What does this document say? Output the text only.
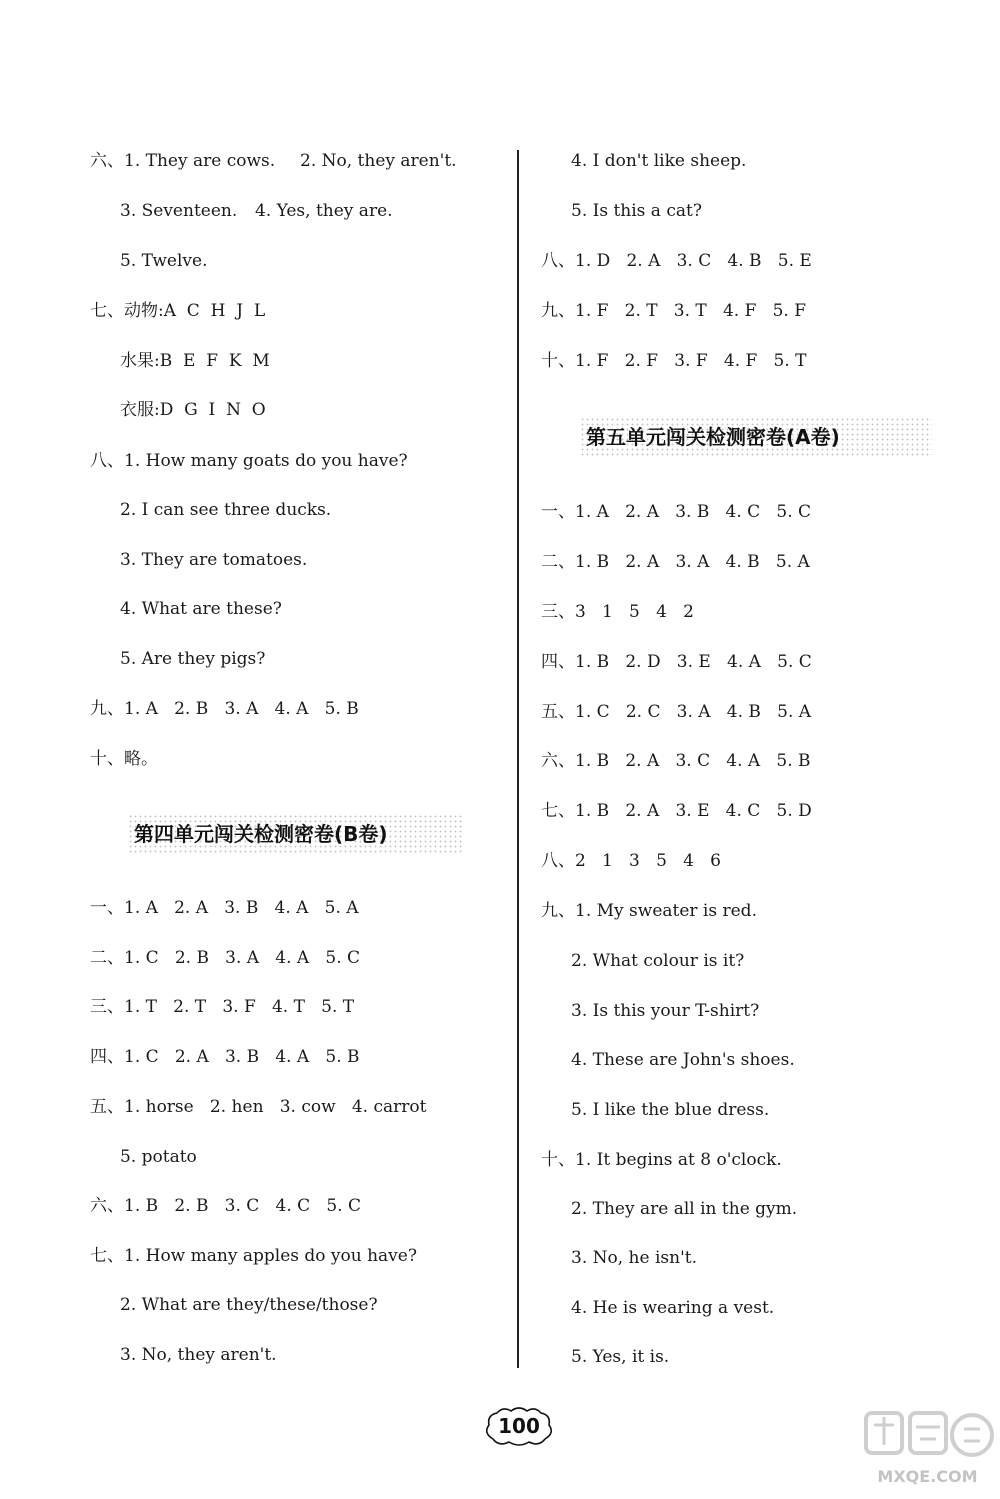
六、1. They are cows. 2. No, they aren't.
3. Seventeen. 4. Yes, they are.
5. Twelve.
七、动物:A  C  H  J  L
水果:B  E  F  K  M
衣服:D  G  I  N  O
八、1. How many goats do you have?
2. I can see three ducks.
3. They are tomatoes.
4. What are these?
5. Are they pigs?
九、1. A   2. B   3. A   4. A   5. B
十、略。
第四单元闯关检测密卷(B卷)
一、1. A   2. A   3. B   4. A   5. A
二、1. C   2. B   3. A   4. A   5. C
三、1. T   2. T   3. F   4. T   5. T
四、1. C   2. A   3. B   4. A   5. B
五、1. horse   2. hen   3. cow   4. carrot
5. potato
六、1. B   2. B   3. C   4. C   5. C
七、1. How many apples do you have?
2. What are they/these/those?
3. No, they aren't.
4. I don't like sheep.
5. Is this a cat?
八、1. D   2. A   3. C   4. B   5. E
九、1. F   2. T   3. T   4. F   5. F
十、1. F   2. F   3. F   4. F   5. T
第五单元闯关检测密卷(A卷)
一、1. A   2. A   3. B   4. C   5. C
二、1. B   2. A   3. A   4. B   5. A
三、3   1   5   4   2
四、1. B   2. D   3. E   4. A   5. C
五、1. C   2. C   3. A   4. B   5. A
六、1. B   2. A   3. C   4. A   5. B
七、1. B   2. A   3. E   4. C   5. D
八、2   1   3   5   4   6
九、1. My sweater is red.
2. What colour is it?
3. Is this your T-shirt?
4. These are John's shoes.
5. I like the blue dress.
十、1. It begins at 8 o'clock.
2. They are all in the gym.
3. No, he isn't.
4. He is wearing a vest.
5. Yes, it is.
100
MXQE.COM
